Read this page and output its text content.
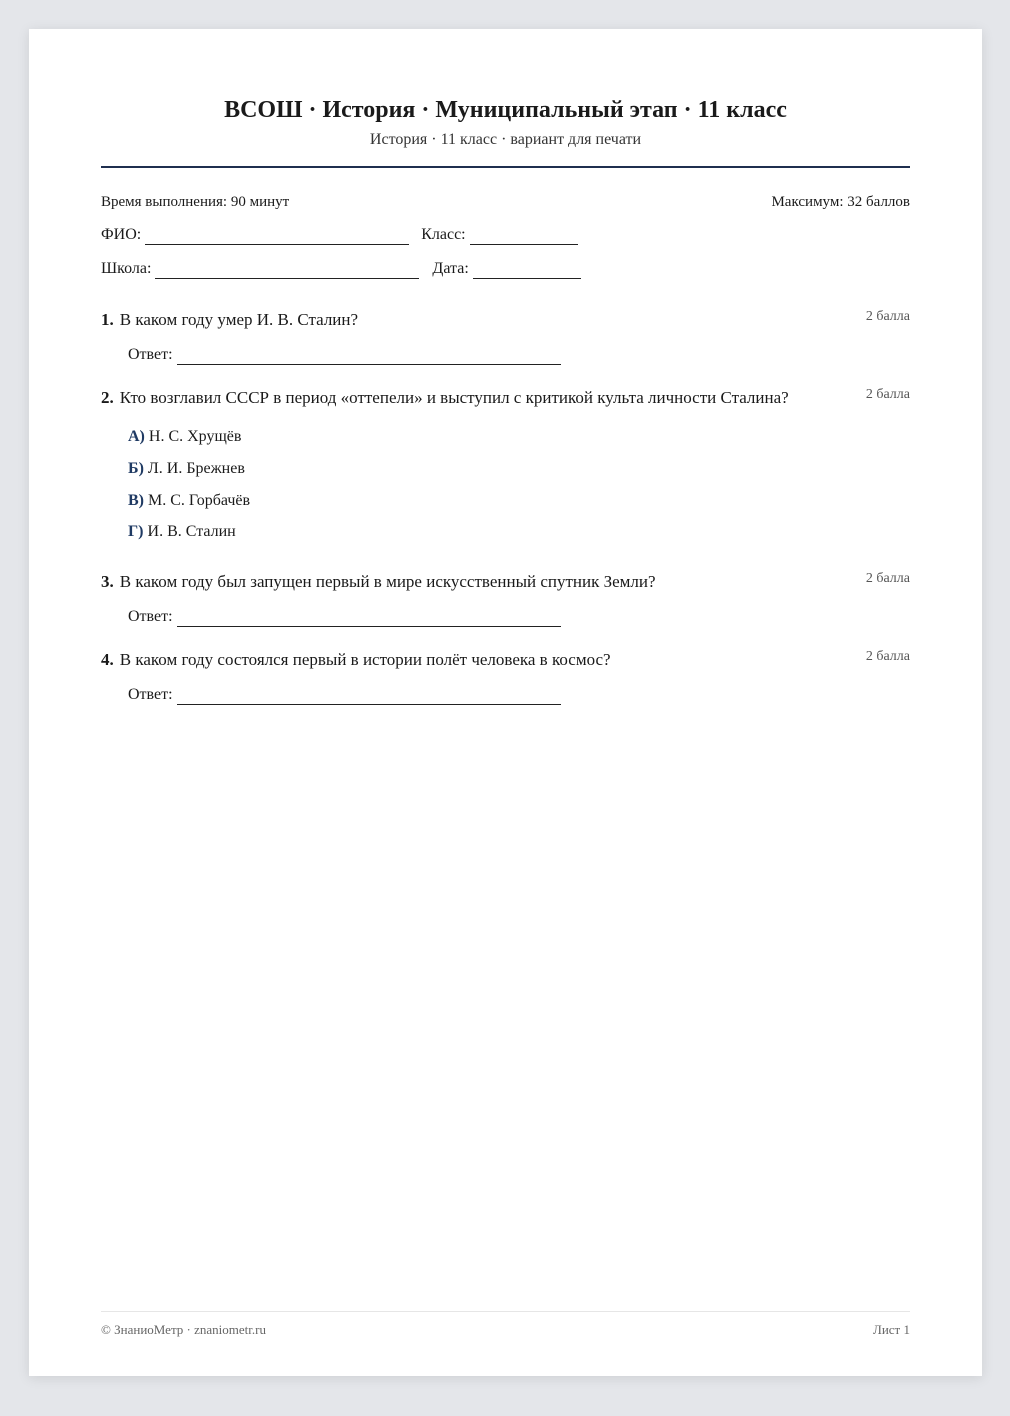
ВСОШ · История · Муниципальный этап · 11 класс
История · 11 класс · вариант для печати
Время выполнения: 90 минут	Максимум: 32 баллов
ФИО:	Класс:
Школа:	Дата:
1. В каком году умер И. В. Сталин?	2 балла
Ответ:
2. Кто возглавил СССР в период «оттепели» и выступил с критикой культа личности Сталина?	2 балла
А) Н. С. Хрущёв
Б) Л. И. Брежнев
В) М. С. Горбачёв
Г) И. В. Сталин
3. В каком году был запущен первый в мире искусственный спутник Земли?	2 балла
Ответ:
4. В каком году состоялся первый в истории полёт человека в космос?	2 балла
Ответ:
© ЗнаниоМетр · znaniometr.ru	Лист 1
